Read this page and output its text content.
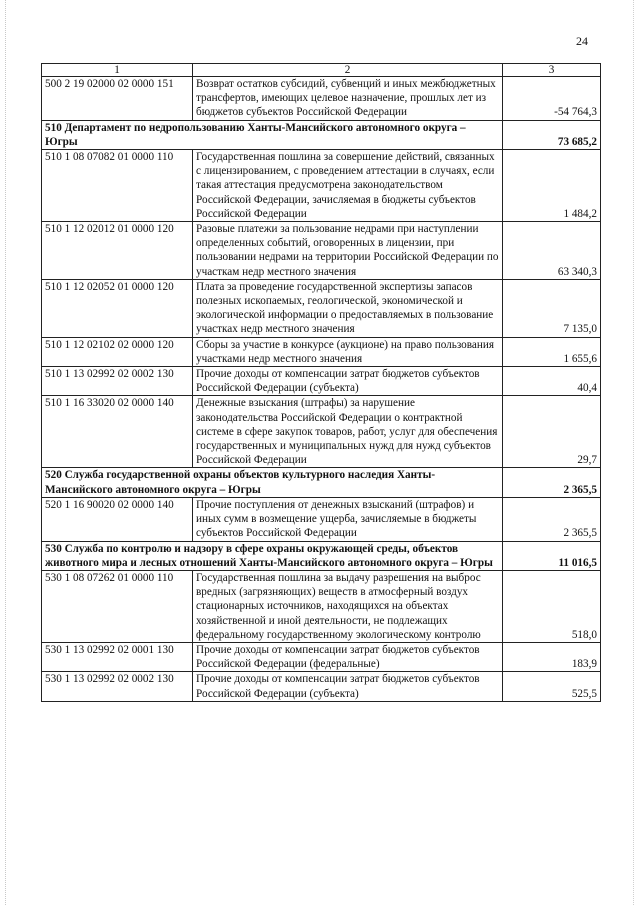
24
1	2	3
500 2 19 02000 02 0000 151	Возврат остатков субсидий, субвенций и иных межбюджетных трансфертов, имеющих целевое назначение, прошлых лет из бюджетов субъектов Российской Федерации	-54 764,3
510 Департамент по недропользованию Ханты-Мансийского автономного округа – Югры		73 685,2
510 1 08 07082 01 0000 110	Государственная пошлина за совершение действий, связанных с лицензированием, с проведением аттестации в случаях, если такая аттестация предусмотрена законодательством Российской Федерации, зачисляемая в бюджеты субъектов Российской Федерации	1 484,2
510 1 12 02012 01 0000 120	Разовые платежи за пользование недрами при наступлении определенных событий, оговоренных в лицензии, при пользовании недрами на территории Российской Федерации по участкам недр местного значения	63 340,3
510 1 12 02052 01 0000 120	Плата за проведение государственной экспертизы запасов полезных ископаемых, геологической, экономической и экологической информации о предоставляемых в пользование участках недр местного значения	7 135,0
510 1 12 02102 02 0000 120	Сборы за участие в конкурсе (аукционе) на право пользования участками недр местного значения	1 655,6
510 1 13 02992 02 0002 130	Прочие доходы от компенсации затрат бюджетов субъектов Российской Федерации (субъекта)	40,4
510 1 16 33020 02 0000 140	Денежные взыскания (штрафы) за нарушение законодательства Российской Федерации о контрактной системе в сфере закупок товаров, работ, услуг для обеспечения государственных и муниципальных нужд для нужд субъектов Российской Федерации	29,7
520 Служба государственной охраны объектов культурного наследия Ханты-Мансийского автономного округа – Югры		2 365,5
520 1 16 90020 02 0000 140	Прочие поступления от денежных взысканий (штрафов) и иных сумм в возмещение ущерба, зачисляемые в бюджеты субъектов Российской Федерации	2 365,5
530 Служба по контролю и надзору в сфере охраны окружающей среды, объектов животного мира и лесных отношений Ханты-Мансийского автономного округа – Югры		11 016,5
530 1 08 07262 01 0000 110	Государственная пошлина за выдачу разрешения на выброс вредных (загрязняющих) веществ в атмосферный воздух стационарных источников, находящихся на объектах хозяйственной и иной деятельности, не подлежащих федеральному государственному экологическому контролю	518,0
530 1 13 02992 02 0001 130	Прочие доходы от компенсации затрат бюджетов субъектов Российской Федерации (федеральные)	183,9
530 1 13 02992 02 0002 130	Прочие доходы от компенсации затрат бюджетов субъектов Российской Федерации (субъекта)	525,5
